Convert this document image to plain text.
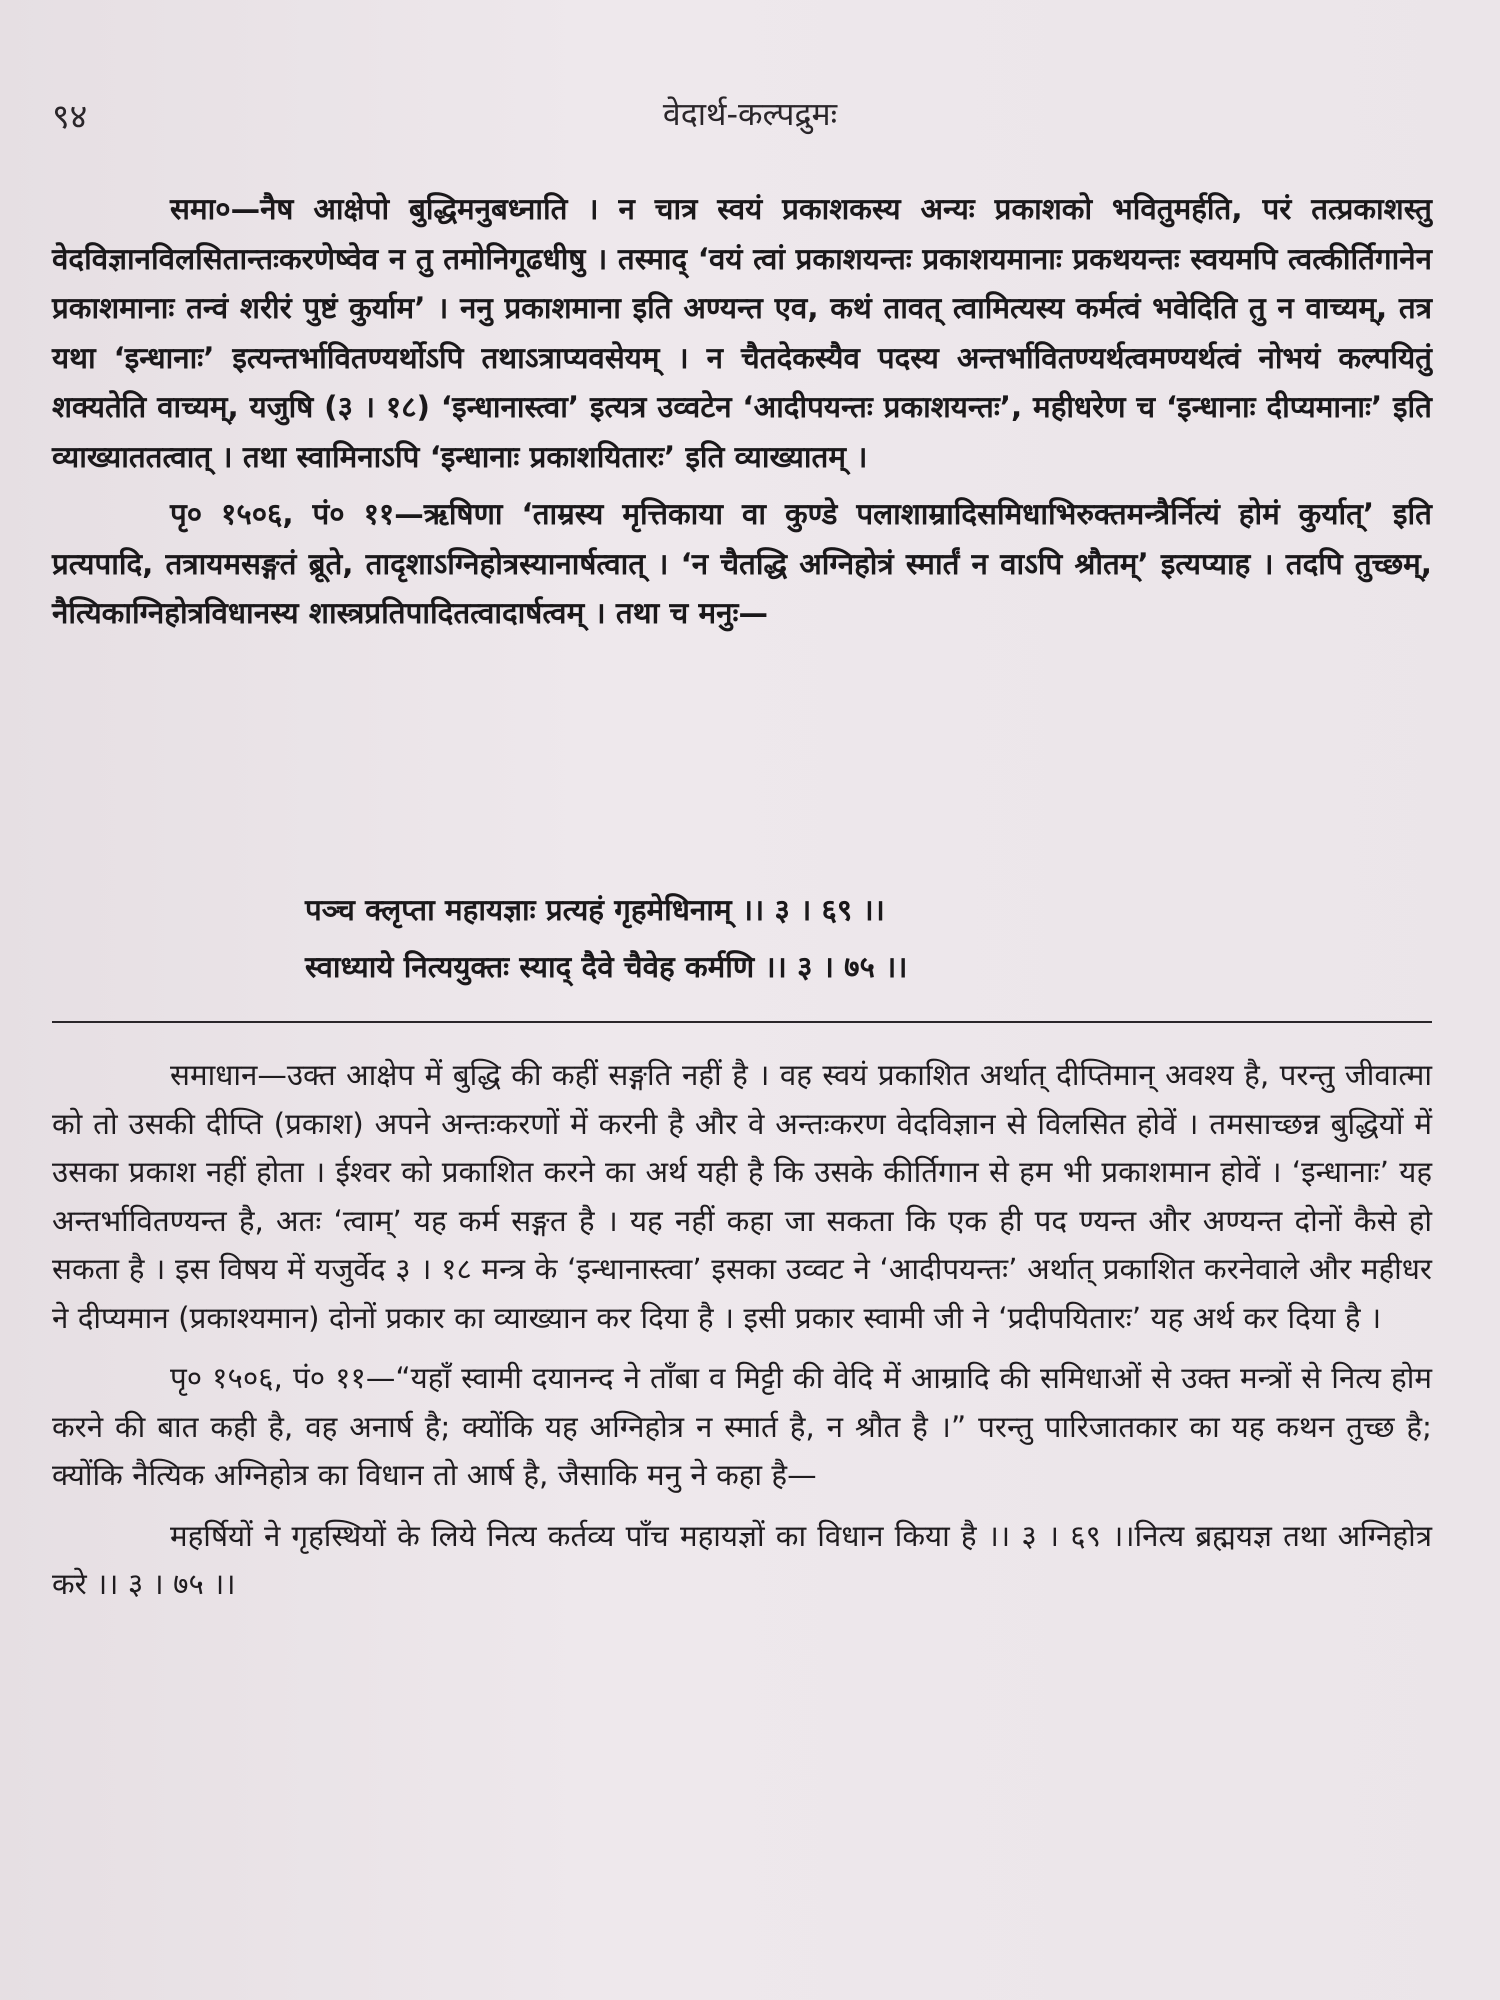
९४	वेदार्थ-कल्पद्रुमः

समा०—नैष आक्षेपो बुद्धिमनुबध्नाति । न चात्र स्वयं प्रकाशकस्य अन्यः प्रकाशको भवितुमर्हति, परं तत्प्रकाशस्तु वेदविज्ञानविलसितान्तःकरणेष्वेव न तु तमोनिगूढधीषु । तस्माद् ‘वयं त्वां प्रकाशयन्तः प्रकाशयमानाः प्रकथयन्तः स्वयमपि त्वत्कीर्तिगानेन प्रकाशमानाः तन्वं शरीरं पुष्टं कुर्याम’ । ननु प्रकाशमाना इति अण्यन्त एव, कथं तावत् त्वामित्यस्य कर्मत्वं भवेदिति तु न वाच्यम्, तत्र यथा ‘इन्धानाः’ इत्यन्तर्भावितण्यर्थोऽपि तथाऽत्राप्यवसेयम् । न चैतदेकस्यैव पदस्य अन्तर्भावितण्यर्थत्वमण्यर्थत्वं नोभयं कल्पयितुं शक्यतेति वाच्यम्, यजुषि (३ । १८) ‘इन्धानास्त्वा’ इत्यत्र उव्वटेन ‘आदीपयन्तः प्रकाशयन्तः’, महीधरेण च ‘इन्धानाः दीप्यमानाः’ इति व्याख्याततत्वात् । तथा स्वामिनाऽपि ‘इन्धानाः प्रकाशयितारः’ इति व्याख्यातम् ।

पृ० १५०६, पं० ११—ऋषिणा ‘ताम्रस्य मृत्तिकाया वा कुण्डे पलाशाम्रादिसमिधाभिरुक्तमन्त्रैर्नित्यं होमं कुर्यात्’ इति प्रत्यपादि, तत्रायमसङ्गतं ब्रूते, तादृशाऽग्निहोत्रस्यानार्षत्वात् । ‘न चैतद्धि अग्निहोत्रं स्मार्तं न वाऽपि श्रौतम्’ इत्यप्याह । तदपि तुच्छम्, नैत्यिकाग्निहोत्रविधानस्य शास्त्रप्रतिपादितत्वादार्षत्वम् । तथा च मनुः—

पञ्च क्लृप्ता महायज्ञाः प्रत्यहं गृहमेधिनाम् ।। ३ । ६९ ।।
स्वाध्याये नित्ययुक्तः स्याद् दैवे चैवेह कर्मणि ।। ३ । ७५ ।।

समाधान—उक्त आक्षेप में बुद्धि की कहीं सङ्गति नहीं है । वह स्वयं प्रकाशित अर्थात् दीप्तिमान् अवश्य है, परन्तु जीवात्मा को तो उसकी दीप्ति (प्रकाश) अपने अन्तःकरणों में करनी है और वे अन्तःकरण वेदविज्ञान से विलसित होवें । तमसाच्छन्न बुद्धियों में उसका प्रकाश नहीं होता । ईश्वर को प्रकाशित करने का अर्थ यही है कि उसके कीर्तिगान से हम भी प्रकाशमान होवें । ‘इन्धानाः’ यह अन्तर्भावितण्यन्त है, अतः ‘त्वाम्’ यह कर्म सङ्गत है । यह नहीं कहा जा सकता कि एक ही पद ण्यन्त और अण्यन्त दोनों कैसे हो सकता है । इस विषय में यजुर्वेद ३ । १८ मन्त्र के ‘इन्धानास्त्वा’ इसका उव्वट ने ‘आदीपयन्तः’ अर्थात् प्रकाशित करनेवाले और महीधर ने दीप्यमान (प्रकाश्यमान) दोनों प्रकार का व्याख्यान कर दिया है । इसी प्रकार स्वामी जी ने ‘प्रदीपयितारः’ यह अर्थ कर दिया है ।

पृ० १५०६, पं० ११—“यहाँ स्वामी दयानन्द ने ताँबा व मिट्टी की वेदि में आम्रादि की समिधाओं से उक्त मन्त्रों से नित्य होम करने की बात कही है, वह अनार्ष है; क्योंकि यह अग्निहोत्र न स्मार्त है, न श्रौत है ।” परन्तु पारिजातकार का यह कथन तुच्छ है; क्योंकि नैत्यिक अग्निहोत्र का विधान तो आर्ष है, जैसाकि मनु ने कहा है—

महर्षियों ने गृहस्थियों के लिये नित्य कर्तव्य पाँच महायज्ञों का विधान किया है ।। ३ । ६९ ।।नित्य ब्रह्मयज्ञ तथा अग्निहोत्र करे ।। ३ । ७५ ।।
